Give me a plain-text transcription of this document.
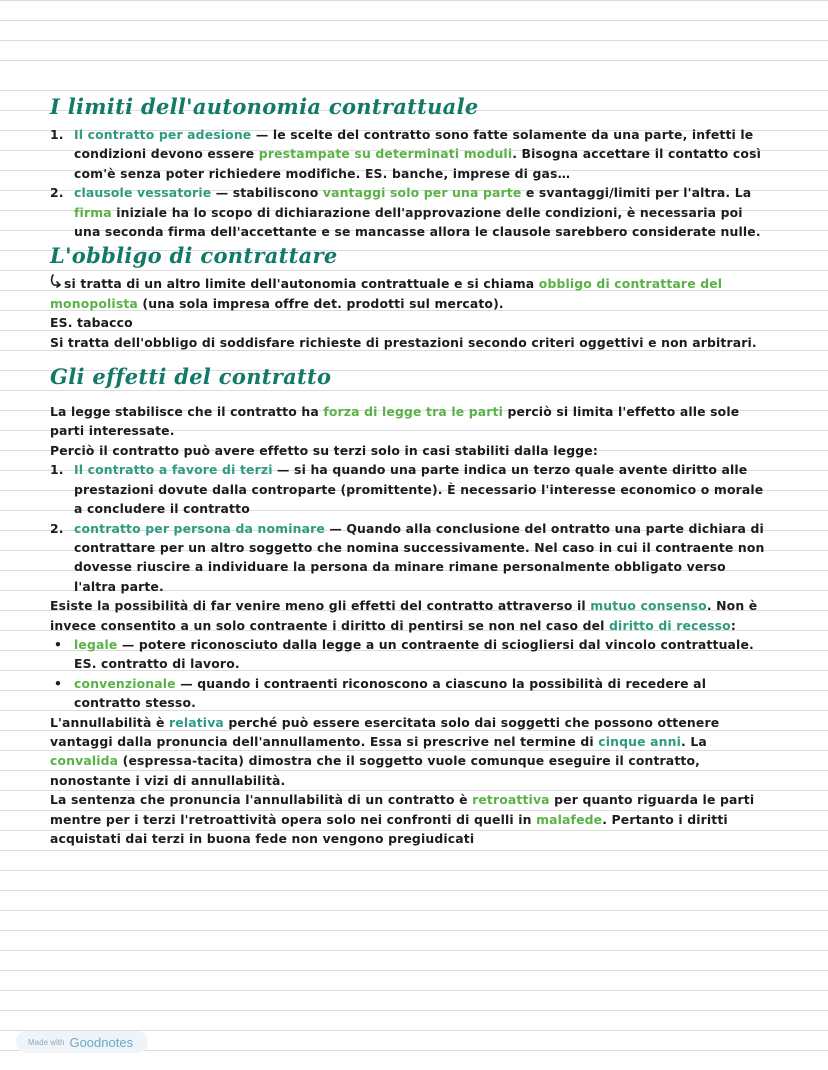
I limiti dell'autonomia contrattuale
1. Il contratto per adesione — le scelte del contratto sono fatte solamente da una parte, infetti le condizioni devono essere prestampate su determinati moduli. Bisogna accettare il contatto così com'è senza poter richiedere modifiche. ES. banche, imprese di gas…
2. clausole vessatorie — stabiliscono vantaggi solo per una parte e svantaggi/limiti per l'altra. La firma iniziale ha lo scopo di dichiarazione dell'approvazione delle condizioni, è necessaria poi una seconda firma dell'accettante e se mancasse allora le clausole sarebbero considerate nulle.
L'obbligo di contrattare

si tratta di un altro limite dell'autonomia contrattuale e si chiama obbligo di contrattare del monopolista (una sola impresa offre det. prodotti sul mercato).

ES. tabacco

Si tratta dell'obbligo di soddisfare richieste di prestazioni secondo criteri oggettivi e non arbitrari.

Gli effetti del contratto

La legge stabilisce che il contratto ha forza di legge tra le parti perciò si limita l'effetto alle sole parti interessate.

Perciò il contratto può avere effetto su terzi solo in casi stabiliti dalla legge:

1. Il contratto a favore di terzi — si ha quando una parte indica un terzo quale avente diritto alle prestazioni dovute dalla controparte (promittente). È necessario l'interesse economico o morale a concludere il contratto
2. contratto per persona da nominare — Quando alla conclusione del ontratto una parte dichiara di contrattare per un altro soggetto che nomina successivamente. Nel caso in cui il contraente non dovesse riuscire a individuare la persona da minare rimane personalmente obbligato verso l'altra parte.

Esiste la possibilità di far venire meno gli effetti del contratto attraverso il mutuo consenso. Non è invece consentito a un solo contraente i diritto di pentirsi se non nel caso del diritto di recesso:

• legale — potere riconosciuto dalla legge a un contraente di sciogliersi dal vincolo contrattuale. ES. contratto di lavoro.
• convenzionale — quando i contraenti riconoscono a ciascuno la possibilità di recedere al contratto stesso.

L'annullabilità è relativa perché può essere esercitata solo dai soggetti che possono ottenere vantaggi dalla pronuncia dell'annullamento. Essa si prescrive nel termine di cinque anni. La convalida (espressa-tacita) dimostra che il soggetto vuole comunque eseguire il contratto, nonostante i vizi di annullabilità.

La sentenza che pronuncia l'annullabilità di un contratto è retroattiva per quanto riguarda le parti mentre per i terzi l'retroattività opera solo nei confronti di quelli in malafede. Pertanto i diritti acquistati dai terzi in buona fede non vengono pregiudicati

Made with Goodnotes
